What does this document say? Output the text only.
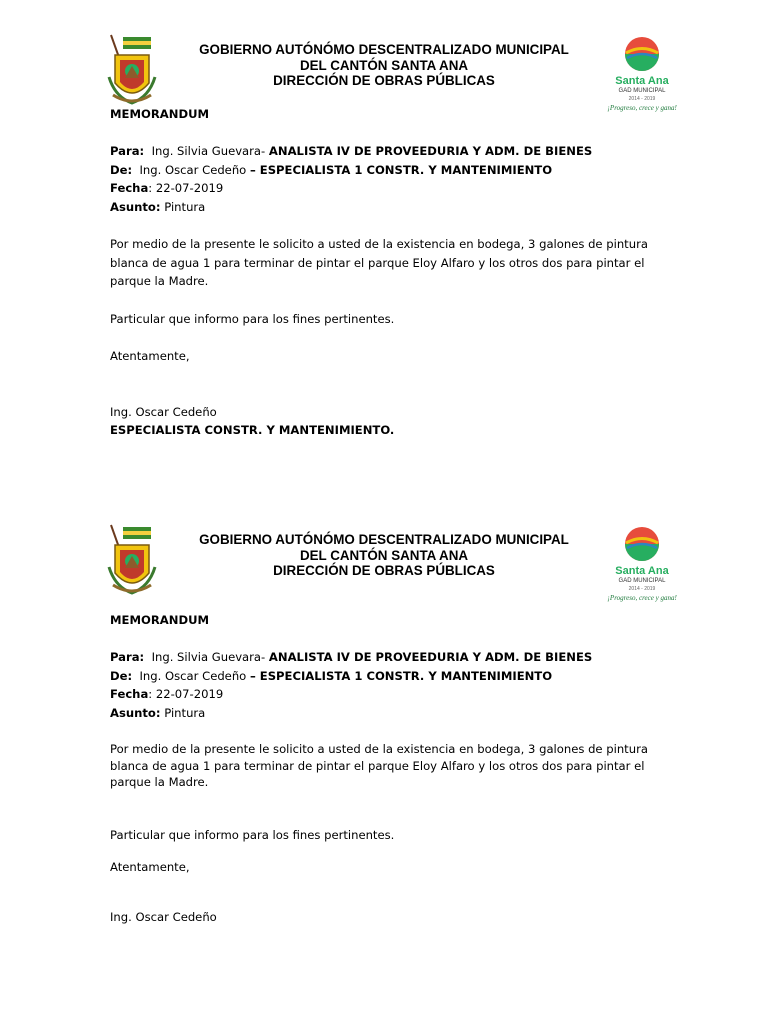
GOBIERNO AUTÓNÓMO DESCENTRALIZADO MUNICIPAL
DEL CANTÓN SANTA ANA
DIRECCIÓN DE OBRAS PÚBLICAS	Santa Ana
GAD MUNICIPAL
2014 - 2019
¡Progreso, crece y gana!
MEMORANDUM
Para: Ing. Silvia Guevara- ANALISTA IV DE PROVEEDURIA Y ADM. DE BIENES
De: Ing. Oscar Cedeño – ESPECIALISTA 1 CONSTR. Y MANTENIMIENTO
Fecha: 22-07-2019
Asunto: Pintura
Por medio de la presente le solicito a usted de la existencia en bodega, 3 galones de pintura
blanca de agua 1 para terminar de pintar el parque Eloy Alfaro y los otros dos para pintar el
parque la Madre.
Particular que informo para los fines pertinentes.
Atentamente,
Ing. Oscar Cedeño
ESPECIALISTA CONSTR. Y MANTENIMIENTO.
GOBIERNO AUTÓNÓMO DESCENTRALIZADO MUNICIPAL
DEL CANTÓN SANTA ANA
DIRECCIÓN DE OBRAS PÚBLICAS	Santa Ana
GAD MUNICIPAL
2014 - 2019
¡Progreso, crece y gana!
MEMORANDUM
Para: Ing. Silvia Guevara- ANALISTA IV DE PROVEEDURIA Y ADM. DE BIENES
De: Ing. Oscar Cedeño – ESPECIALISTA 1 CONSTR. Y MANTENIMIENTO
Fecha: 22-07-2019
Asunto: Pintura
Por medio de la presente le solicito a usted de la existencia en bodega, 3 galones de pintura
blanca de agua 1 para terminar de pintar el parque Eloy Alfaro y los otros dos para pintar el
parque la Madre.
Particular que informo para los fines pertinentes.
Atentamente,
Ing. Oscar Cedeño
